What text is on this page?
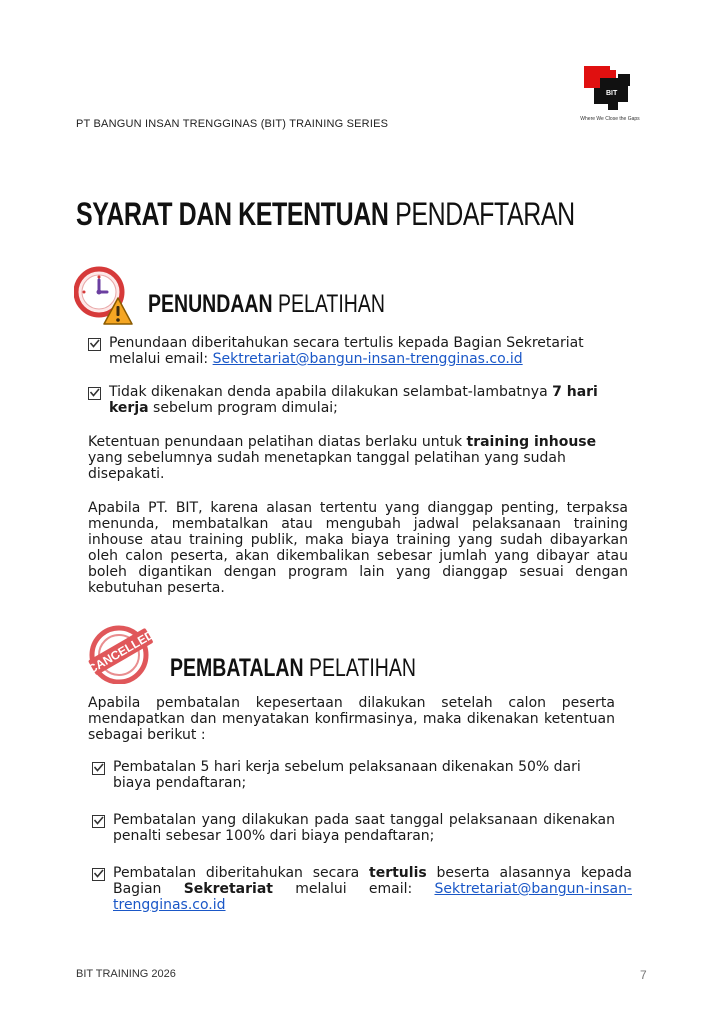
PT BANGUN INSAN TRENGGINAS (BIT) TRAINING SERIES
BIT
Where We Close the Gaps
SYARAT DAN KETENTUAN PENDAFTARAN
PENUNDAAN PELATIHAN
Penundaan diberitahukan secara tertulis kepada Bagian Sekretariat melalui email: Sektretariat@bangun-insan-trengginas.co.id
Tidak dikenakan denda apabila dilakukan selambat-lambatnya 7 hari kerja sebelum program dimulai;
Ketentuan penundaan pelatihan diatas berlaku untuk training inhouse yang sebelumnya sudah menetapkan tanggal pelatihan yang sudah disepakati.
Apabila PT. BIT, karena alasan tertentu yang dianggap penting, terpaksa menunda, membatalkan atau mengubah jadwal pelaksanaan training inhouse atau training publik, maka biaya training yang sudah dibayarkan oleh calon peserta, akan dikembalikan sebesar jumlah yang dibayar atau boleh digantikan dengan program lain yang dianggap sesuai dengan kebutuhan peserta.
CANCELLED PEMBATALAN PELATIHAN
Apabila pembatalan kepesertaan dilakukan setelah calon peserta mendapatkan dan menyatakan konfirmasinya, maka dikenakan ketentuan sebagai berikut :
Pembatalan 5 hari kerja sebelum pelaksanaan dikenakan 50% dari biaya pendaftaran;
Pembatalan yang dilakukan pada saat tanggal pelaksanaan dikenakan penalti sebesar 100% dari biaya pendaftaran;
Pembatalan diberitahukan secara tertulis beserta alasannya kepada Bagian Sekretariat melalui email: Sektretariat@bangun-insan-trengginas.co.id
BIT TRAINING 2026	7
